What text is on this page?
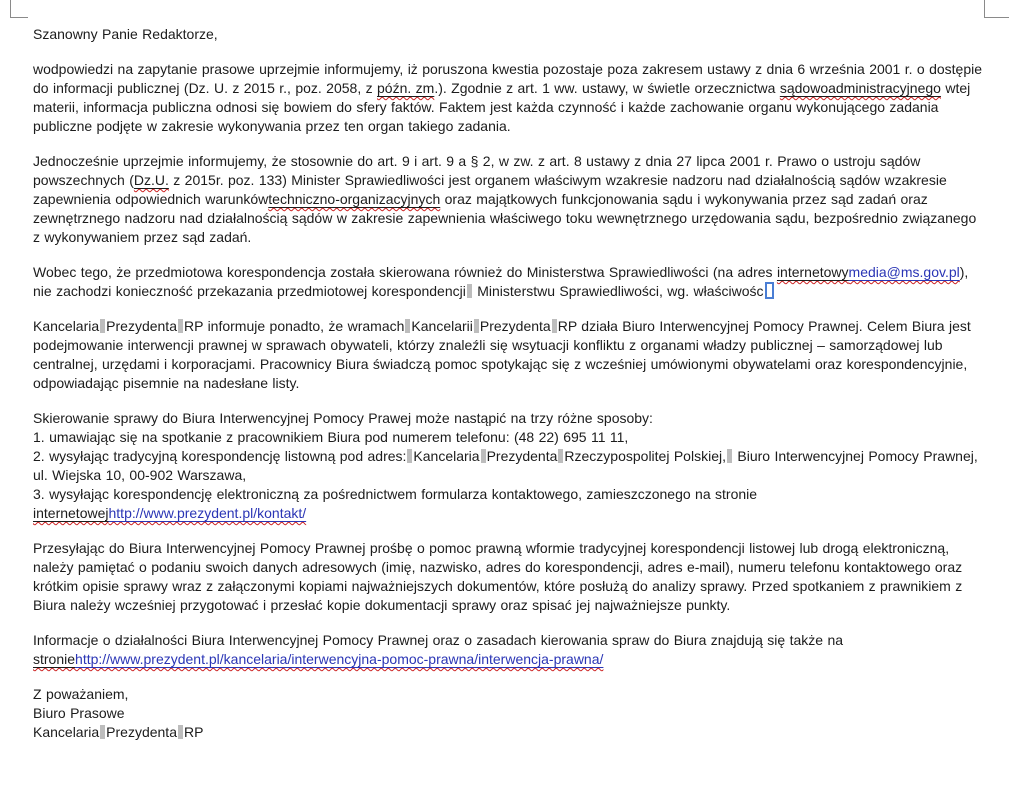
Szanowny Panie Redaktorze,

wodpowiedzi na zapytanie prasowe uprzejmie informujemy, iż poruszona kwestia pozostaje poza zakresem ustawy z dnia 6 września 2001 r. o dostępie do informacji publicznej (Dz. U. z 2015 r., poz. 2058, z późn. zm.). Zgodnie z art. 1 ww. ustawy, w świetle orzecznictwa sądowoadministracyjnego wtej materii, informacja publiczna odnosi się bowiem do sfery faktów. Faktem jest każda czynność i każde zachowanie organu wykonującego zadania publiczne podjęte w zakresie wykonywania przez ten organ takiego zadania.

Jednocześnie uprzejmie informujemy, że stosownie do art. 9 i art. 9 a § 2, w zw. z art. 8 ustawy z dnia 27 lipca 2001 r. Prawo o ustroju sądów powszechnych (Dz.U. z 2015r. poz. 133) Minister Sprawiedliwości jest organem właściwym wzakresie nadzoru nad działalnością sądów wzakresie zapewnienia odpowiednich warunkówtechniczno-organizacyjnych oraz majątkowych funkcjonowania sądu i wykonywania przez sąd zadań oraz zewnętrznego nadzoru nad działalnością sądów w zakresie zapewnienia właściwego toku wewnętrznego urzędowania sądu, bezpośrednio związanego z wykonywaniem przez sąd zadań.

Wobec tego, że przedmiotowa korespondencja została skierowana również do Ministerstwa Sprawiedliwości (na adres internetowymedia@ms.gov.pl), nie zachodzi konieczność przekazania przedmiotowej korespondencji Ministerstwu Sprawiedliwości, wg. właściwośc

Kancelaria Prezydenta RP informuje ponadto, że wramach Kancelarii Prezydenta RP działa Biuro Interwencyjnej Pomocy Prawnej. Celem Biura jest podejmowanie interwencji prawnej w sprawach obywateli, którzy znaleźli się wsytuacji konfliktu z organami władzy publicznej – samorządowej lub centralnej, urzędami i korporacjami. Pracownicy Biura świadczą pomoc spotykając się z wcześniej umówionymi obywatelami oraz korespondencyjnie, odpowiadając pisemnie na nadesłane listy.

Skierowanie sprawy do Biura Interwencyjnej Pomocy Prawej może nastąpić na trzy różne sposoby:

1. umawiając się na spotkanie z pracownikiem Biura pod numerem telefonu: (48 22) 695 11 11,

2. wysyłając tradycyjną korespondencję listowną pod adres: Kancelaria Prezydenta Rzeczypospolitej Polskiej, Biuro Interwencyjnej Pomocy Prawnej, ul. Wiejska 10, 00-902 Warszawa,

3. wysyłając korespondencję elektroniczną za pośrednictwem formularza kontaktowego, zamieszczonego na stronie internetowejhttp://www.prezydent.pl/kontakt/

Przesyłając do Biura Interwencyjnej Pomocy Prawnej prośbę o pomoc prawną wformie tradycyjnej korespondencji listowej lub drogą elektroniczną, należy pamiętać o podaniu swoich danych adresowych (imię, nazwisko, adres do korespondencji, adres e-mail), numeru telefonu kontaktowego oraz krótkim opisie sprawy wraz z załączonymi kopiami najważniejszych dokumentów, które posłużą do analizy sprawy. Przed spotkaniem z prawnikiem z Biura należy wcześniej przygotować i przesłać kopie dokumentacji sprawy oraz spisać jej najważniejsze punkty.

Informacje o działalności Biura Interwencyjnej Pomocy Prawnej oraz o zasadach kierowania spraw do Biura znajdują się także na stroniehttp://www.prezydent.pl/kancelaria/interwencyjna-pomoc-prawna/interwencja-prawna/

Z poważaniem,

Biuro Prasowe

Kancelaria Prezydenta RP
